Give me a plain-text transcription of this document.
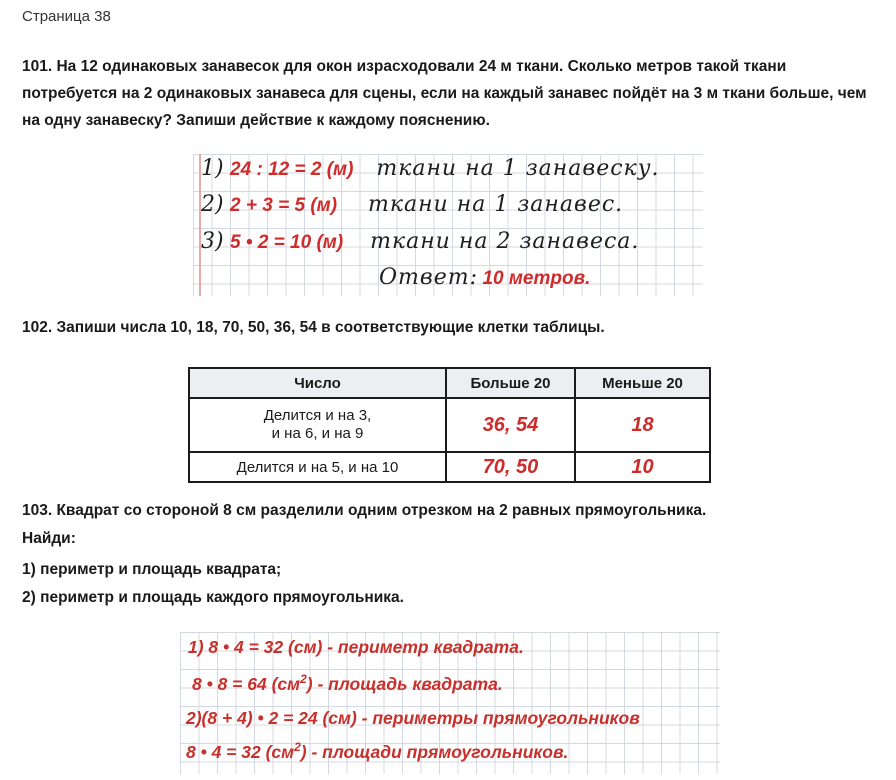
Страница 38
101. На 12 одинаковых занавесок для окон израсходовали 24 м ткани. Сколько метров такой ткани потребуется на 2 одинаковых занавеса для сцены, если на каждый занавес пойдёт на 3 м ткани больше, чем на одну занавеску? Запиши действие к каждому пояснению.
1) 24 : 12 = 2 (м) ткани на 1 занавеску.
2) 2 + 3 = 5 (м) ткани на 1 занавес.
3) 5 • 2 = 10 (м) ткани на 2 занавеса.
Ответ: 10 метров.
102. Запиши числа 10, 18, 70, 50, 36, 54 в соответствующие клетки таблицы.
Число	Больше 20	Меньше 20

Делится и на 3,
и на 6, и на 9	36, 54	18
Делится и на 5, и на 10	70, 50	10
103. Квадрат со стороной 8 см разделили одним отрезком на 2 равных прямоугольника.
Найди:
1) периметр и площадь квадрата;
2) периметр и площадь каждого прямоугольника.
1) 8 • 4 = 32 (см) - периметр квадрата.
8 • 8 = 64 $(см^2)$ - площадь квадрата.
2)(8 + 4) • 2 = 24 (см) - периметры прямоугольников
8 • 4 = 32 $(см^2)$ - площади прямоугольников.
